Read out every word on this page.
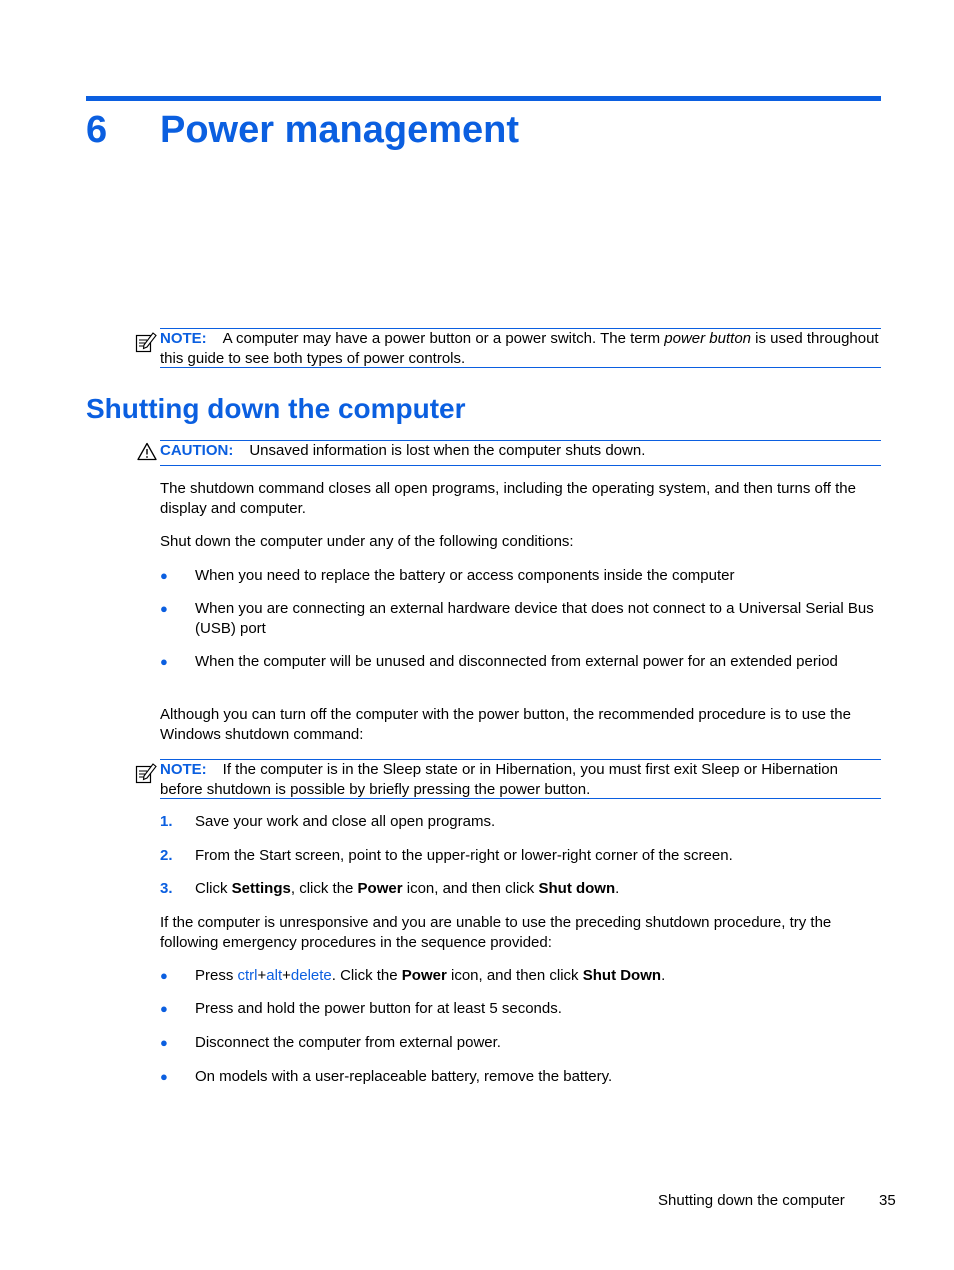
6 Power management
NOTE: A computer may have a power button or a power switch. The term power button is used throughout this guide to see both types of power controls.
Shutting down the computer
CAUTION: Unsaved information is lost when the computer shuts down.
The shutdown command closes all open programs, including the operating system, and then turns off the display and computer.
Shut down the computer under any of the following conditions:
● When you need to replace the battery or access components inside the computer
● When you are connecting an external hardware device that does not connect to a Universal Serial Bus (USB) port
● When the computer will be unused and disconnected from external power for an extended period
Although you can turn off the computer with the power button, the recommended procedure is to use the Windows shutdown command:
NOTE: If the computer is in the Sleep state or in Hibernation, you must first exit Sleep or Hibernation before shutdown is possible by briefly pressing the power button.
1. Save your work and close all open programs.
2. From the Start screen, point to the upper-right or lower-right corner of the screen.
3. Click Settings, click the Power icon, and then click Shut down.
If the computer is unresponsive and you are unable to use the preceding shutdown procedure, try the following emergency procedures in the sequence provided:
● Press ctrl+alt+delete. Click the Power icon, and then click Shut Down.
● Press and hold the power button for at least 5 seconds.
● Disconnect the computer from external power.
● On models with a user-replaceable battery, remove the battery.
Shutting down the computer 35
